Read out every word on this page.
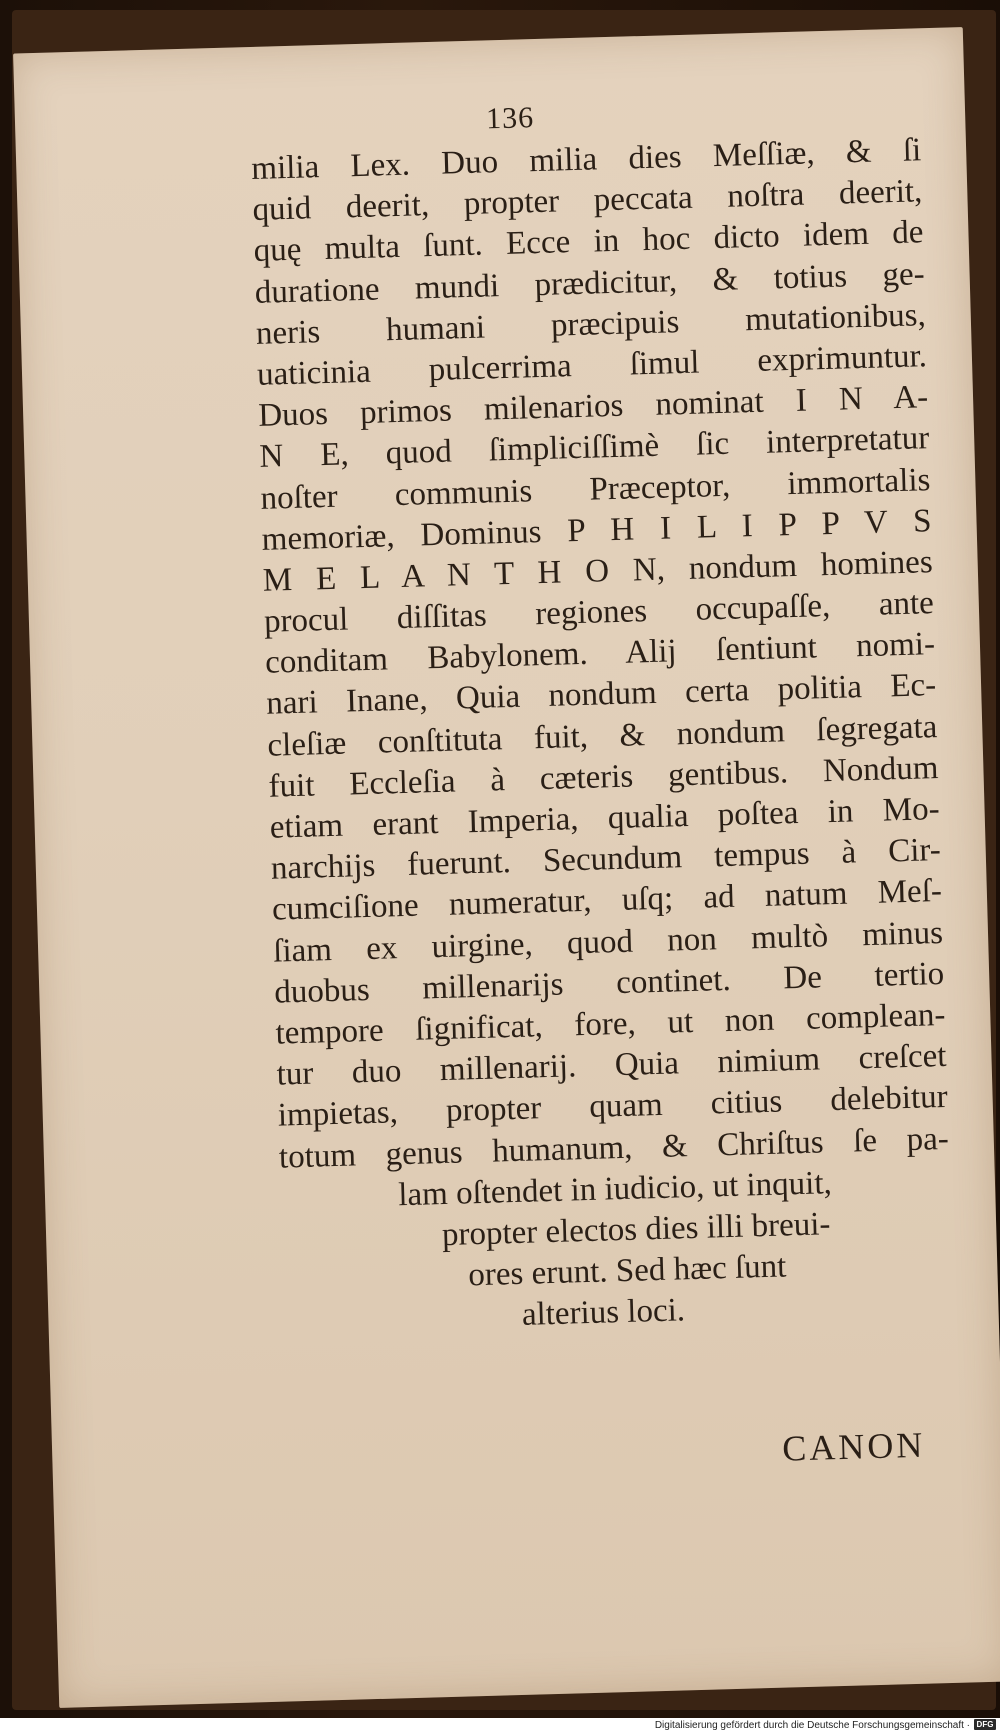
136
milia Lex. Duo milia dies Meſſiæ, & ſi
quid deerit, propter peccata noſtra deerit,
quę multa ſunt. Ecce in hoc dicto idem de
duratione mundi prædicitur, & totius ge-
neris humani præcipuis mutationibus,
uaticinia pulcerrima ſimul exprimuntur.
Duos primos milenarios nominat I N A-
N E, quod ſimpliciſſimè ſic interpretatur
noſter communis Præceptor, immortalis
memoriæ, Dominus P H I L I P P V S
M E L A N T H O N, nondum homines
procul diſſitas regiones occupaſſe, ante
conditam Babylonem. Alij ſentiunt nomi-
nari Inane, Quia nondum certa politia Ec-
cleſiæ conſtituta fuit, & nondum ſegregata
fuit Eccleſia à cæteris gentibus. Nondum
etiam erant Imperia, qualia poſtea in Mo-
narchijs fuerunt. Secundum tempus à Cir-
cumciſione numeratur, uſq; ad natum Meſ-
ſiam ex uirgine, quod non multò minus
duobus millenarijs continet. De tertio
tempore ſignificat, fore, ut non complean-
tur duo millenarij. Quia nimium creſcet
impietas, propter quam citius delebitur
totum genus humanum, & Chriſtus ſe pa-
lam oſtendet in iudicio, ut inquit,
propter electos dies illi breui-
ores erunt. Sed hæc ſunt
alterius loci.
CANON
Digitalisierung gefördert durch die Deutsche Forschungsgemeinschaft · DFG
